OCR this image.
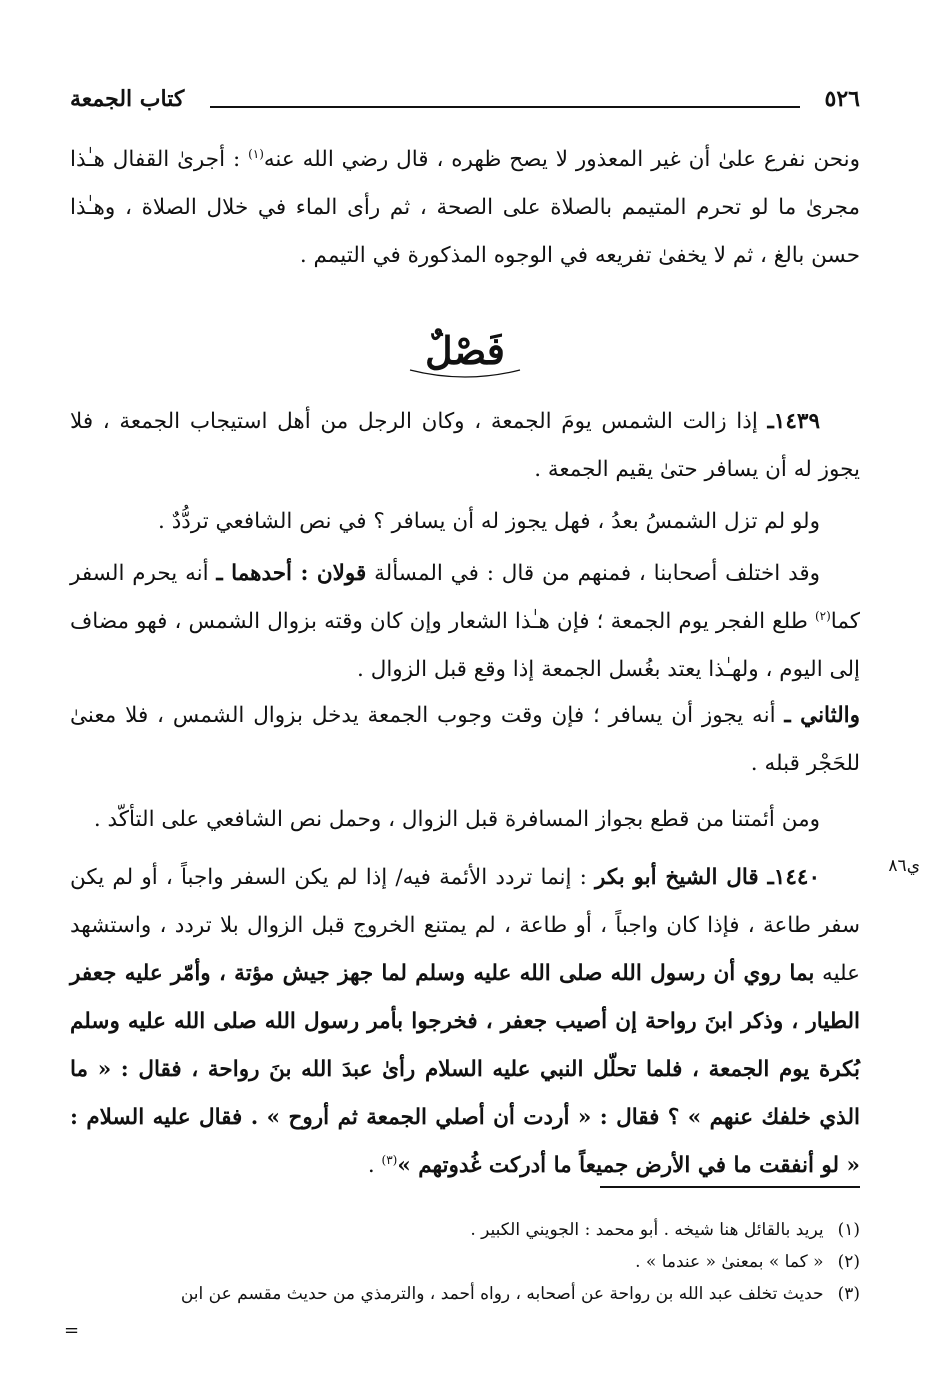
٥٢٦
كتاب الجمعة

ونحن نفرع علىٰ أن غير المعذور لا يصح ظهره ، قال رضي الله عنه$^{(١)}$ : أجرىٰ القفال هـٰذا مجرىٰ ما لو تحرم المتيمم بالصلاة على الصحة ، ثم رأى الماء في خلال الصلاة ، وهـٰذا حسن بالغ ، ثم لا يخفىٰ تفريعه في الوجوه المذكورة في التيمم .

فَصْلٌ

١٤٣٩ـ إذا زالت الشمس يومَ الجمعة ، وكان الرجل من أهل استيجاب الجمعة ، فلا يجوز له أن يسافر حتىٰ يقيم الجمعة .

ولو لم تزل الشمسُ بعدُ ، فهل يجوز له أن يسافر ؟ في نص الشافعي تردُّدٌ .

وقد اختلف أصحابنا ، فمنهم من قال : في المسألة قولان : أحدهما ـ أنه يحرم السفر كما$^{(٢)}$ طلع الفجر يوم الجمعة ؛ فإن هـٰذا الشعار وإن كان وقته بزوال الشمس ، فهو مضاف إلى اليوم ، ولهـٰذا يعتد بغُسل الجمعة إذا وقع قبل الزوال .

والثاني ـ أنه يجوز أن يسافر ؛ فإن وقت وجوب الجمعة يدخل بزوال الشمس ، فلا معنىٰ للحَجْر قبله .

ومن أئمتنا من قطع بجواز المسافرة قبل الزوال ، وحمل نص الشافعي على التأكّد .

ي٨٦

١٤٤٠ـ قال الشيخ أبو بكر : إنما تردد الأئمة فيه/ إذا لم يكن السفر واجباً ، أو لم يكن سفر طاعة ، فإذا كان واجباً ، أو طاعة ، لم يمتنع الخروج قبل الزوال بلا تردد ، واستشهد عليه بما روي أن رسول الله صلى الله عليه وسلم لما جهز جيش مؤتة ، وأمّر عليه جعفر الطيار ، وذكر ابنَ رواحة إن أصيب جعفر ، فخرجوا بأمر رسول الله صلى الله عليه وسلم بُكرة يوم الجمعة ، فلما تحلّل النبي عليه السلام رأىٰ عبدَ الله بنَ رواحة ، فقال : « ما الذي خلفك عنهم » ؟ فقال : « أردت أن أصلي الجمعة ثم أروح » . فقال عليه السلام : « لو أنفقت ما في الأرض جميعاً ما أدركت غُدوتهم »$^{(٣)}$ .

(١)
يريد بالقائل هنا شيخه . أبو محمد : الجويني الكبير .
(٢)
« كما » بمعنىٰ « عندما » .
(٣)
حديث تخلف عبد الله بن رواحة عن أصحابه ، رواه أحمد ، والترمذي من حديث مقسم عن ابن
=
